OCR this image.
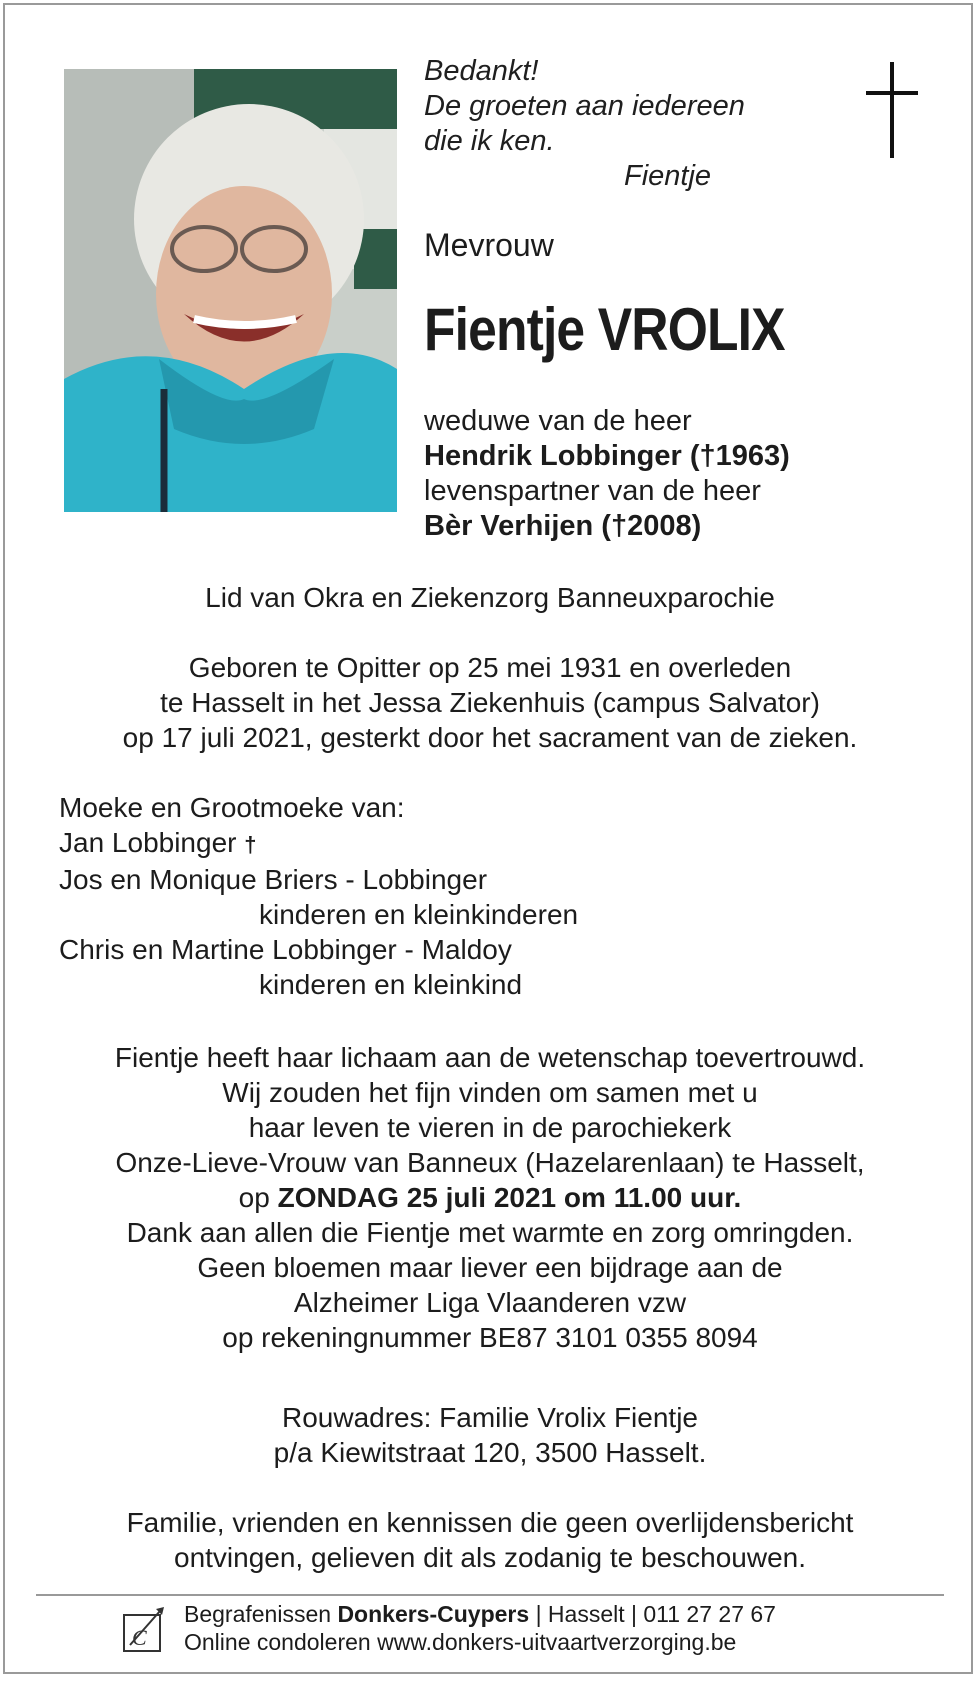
Bedankt!
De groeten aan iedereen
die ik ken.
Fientje
Mevrouw
Fientje VROLIX
weduwe van de heer
Hendrik Lobbinger (†1963)
levenspartner van de heer
Bèr Verhijen (†2008)

Lid van Okra en Ziekenzorg Banneuxparochie

Geboren te Opitter op 25 mei 1931 en overleden
te Hasselt in het Jessa Ziekenhuis (campus Salvator)
op 17 juli 2021, gesterkt door het sacrament van de zieken.
Moeke en Grootmoeke van:
Jan Lobbinger †
Jos en Monique Briers - Lobbinger
kinderen en kleinkinderen
Chris en Martine Lobbinger - Maldoy
kinderen en kleinkind
Fientje heeft haar lichaam aan de wetenschap toevertrouwd.
Wij zouden het fijn vinden om samen met u
haar leven te vieren in de parochiekerk
Onze-Lieve-Vrouw van Banneux (Hazelarenlaan) te Hasselt,
op ZONDAG 25 juli 2021 om 11.00 uur.
Dank aan allen die Fientje met warmte en zorg omringden.
Geen bloemen maar liever een bijdrage aan de
Alzheimer Liga Vlaanderen vzw
op rekeningnummer BE87 3101 0355 8094
Rouwadres: Familie Vrolix Fientje
p/a Kiewitstraat 120, 3500 Hasselt.
Familie, vrienden en kennissen die geen overlijdensbericht
ontvingen, gelieven dit als zodanig te beschouwen.
C
Begrafenissen Donkers-Cuypers | Hasselt | 011 27 27 67
Online condoleren www.donkers-uitvaartverzorging.be
